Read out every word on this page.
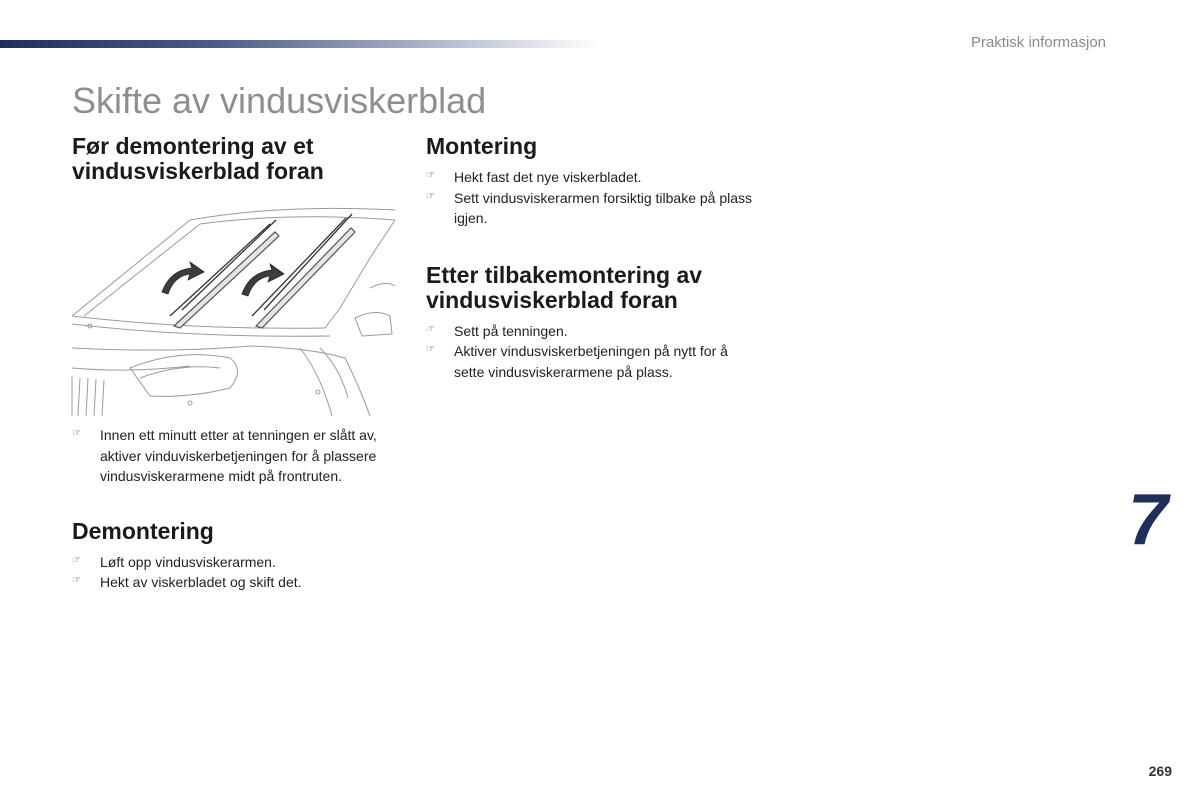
Praktisk informasjon
Skifte av vindusviskerblad
Før demontering av et vindusviskerblad foran
☞ Innen ett minutt etter at tenningen er slått av, aktiver vinduviskerbetjeningen for å plassere vindusviskerarmene midt på frontruten.
Demontering
☞ Løft opp vindusviskerarmen.
☞ Hekt av viskerbladet og skift det.
Montering
☞ Hekt fast det nye viskerbladet.
☞ Sett vindusviskerarmen forsiktig tilbake på plass igjen.
Etter tilbakemontering av vindusviskerblad foran
☞ Sett på tenningen.
☞ Aktiver vindusviskerbetjeningen på nytt for å sette vindusviskerarmene på plass.
7
269
